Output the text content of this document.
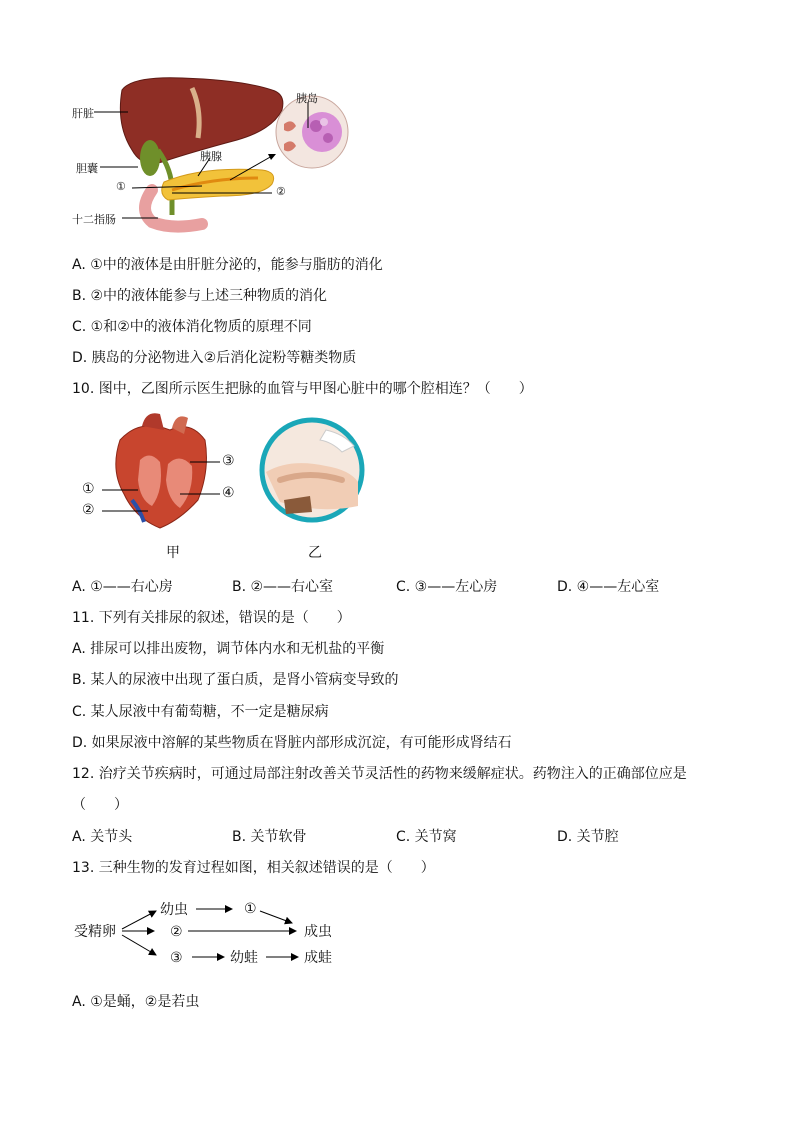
肝脏
胆囊
胰腺
胰岛
①	②
十二指肠
A. ①中的液体是由肝脏分泌的，能参与脂肪的消化
B. ②中的液体能参与上述三种物质的消化
C. ①和②中的液体消化物质的原理不同
D. 胰岛的分泌物进入②后消化淀粉等糖类物质
10. 图中，乙图所示医生把脉的血管与甲图心脏中的哪个腔相连？（　　）
①
②
③
④
甲	乙
A. ①——右心房	B. ②——右心室	C. ③——左心房	D. ④——左心室
11. 下列有关排尿的叙述，错误的是（　　）
A. 排尿可以排出废物，调节体内水和无机盐的平衡
B. 某人的尿液中出现了蛋白质，是肾小管病变导致的
C. 某人尿液中有葡萄糖，不一定是糖尿病
D. 如果尿液中溶解的某些物质在肾脏内部形成沉淀，有可能形成肾结石
12. 治疗关节疾病时，可通过局部注射改善关节灵活性的药物来缓解症状。药物注入的正确部位应是
（　　）
A. 关节头	B. 关节软骨	C. 关节窝	D. 关节腔
13. 三种生物的发育过程如图，相关叙述错误的是（　　）
受精卵
幼虫	①
②	成虫
③	幼蛙	成蛙
A. ①是蛹，②是若虫
